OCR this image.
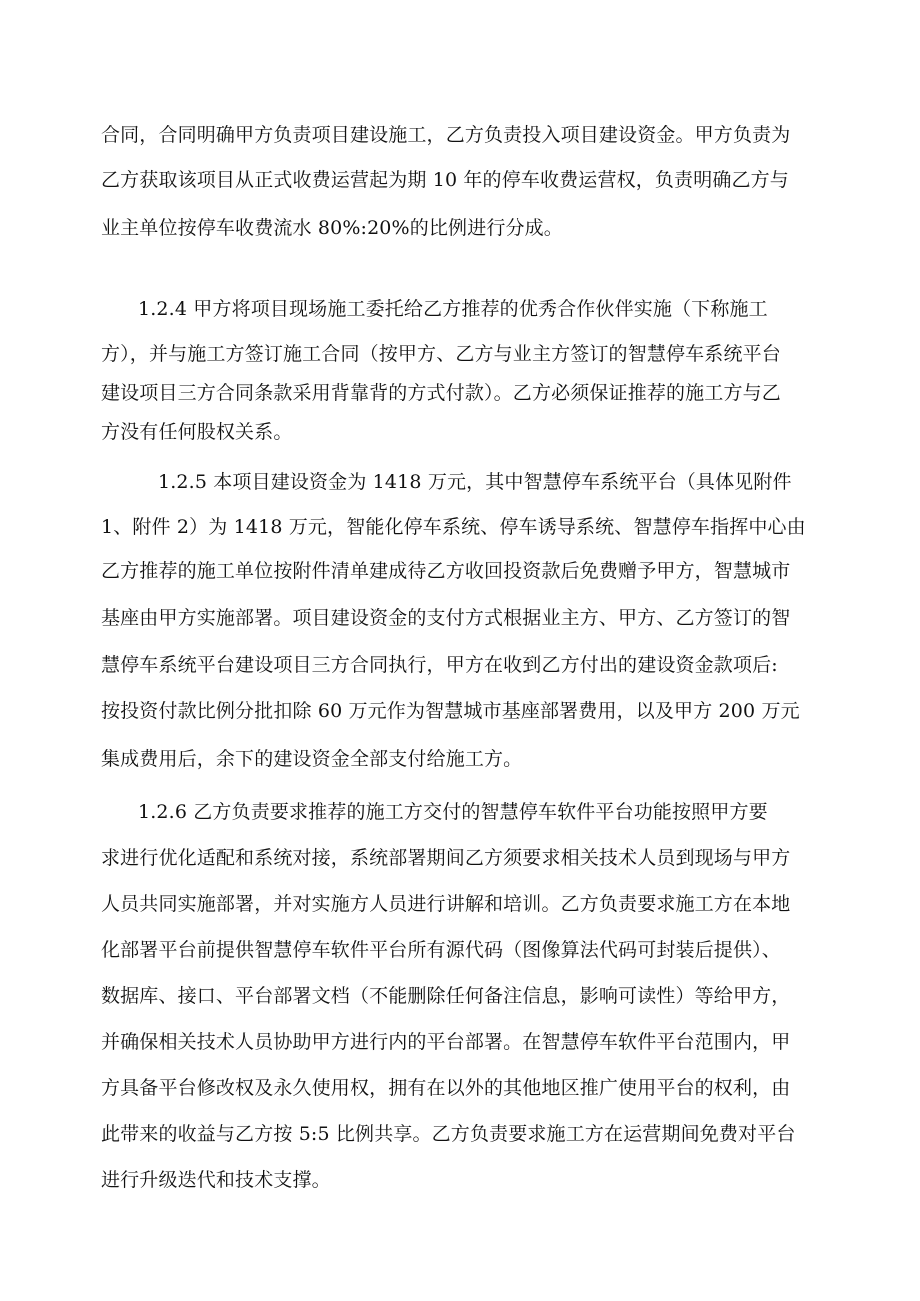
合同，合同明确甲方负责项目建设施工，乙方负责投入项目建设资金。甲方负责为
乙方获取该项目从正式收费运营起为期 10 年的停车收费运营权，负责明确乙方与
业主单位按停车收费流水 80%:20%的比例进行分成。
1.2.4 甲方将项目现场施工委托给乙方推荐的优秀合作伙伴实施（下称施工
方），并与施工方签订施工合同（按甲方、乙方与业主方签订的智慧停车系统平台
建设项目三方合同条款采用背靠背的方式付款）。乙方必须保证推荐的施工方与乙
方没有任何股权关系。
1.2.5 本项目建设资金为 1418 万元，其中智慧停车系统平台（具体见附件
1、附件 2）为 1418 万元，智能化停车系统、停车诱导系统、智慧停车指挥中心由
乙方推荐的施工单位按附件清单建成待乙方收回投资款后免费赠予甲方，智慧城市
基座由甲方实施部署。项目建设资金的支付方式根据业主方、甲方、乙方签订的智
慧停车系统平台建设项目三方合同执行，甲方在收到乙方付出的建设资金款项后:
按投资付款比例分批扣除 60 万元作为智慧城市基座部署费用，以及甲方 200 万元
集成费用后，余下的建设资金全部支付给施工方。
1.2.6 乙方负责要求推荐的施工方交付的智慧停车软件平台功能按照甲方要
求进行优化适配和系统对接，系统部署期间乙方须要求相关技术人员到现场与甲方
人员共同实施部署，并对实施方人员进行讲解和培训。乙方负责要求施工方在本地
化部署平台前提供智慧停车软件平台所有源代码（图像算法代码可封装后提供）、
数据库、接口、平台部署文档（不能删除任何备注信息，影响可读性）等给甲方，
并确保相关技术人员协助甲方进行内的平台部署。在智慧停车软件平台范围内，甲
方具备平台修改权及永久使用权，拥有在以外的其他地区推广使用平台的权利，由
此带来的收益与乙方按 5:5 比例共享。乙方负责要求施工方在运营期间免费对平台
进行升级迭代和技术支撑。
